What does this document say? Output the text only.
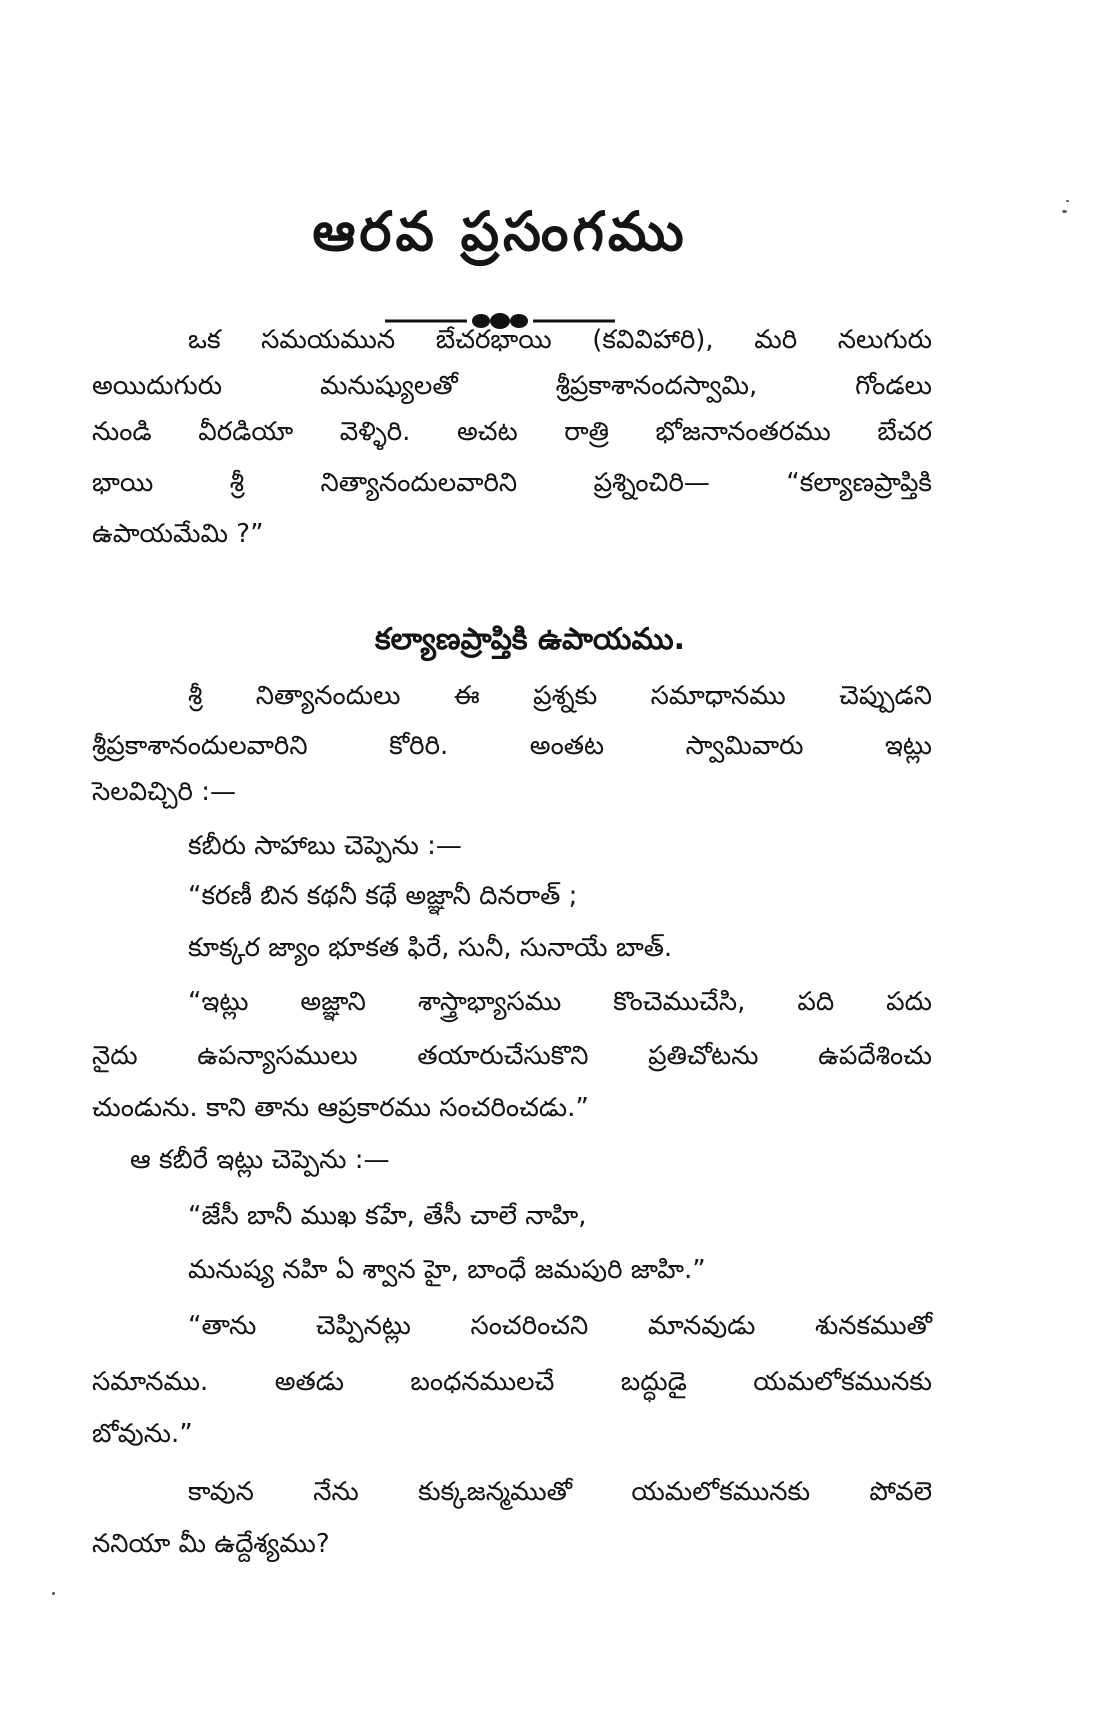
ఆరవ ప్రసంగము

ఒక సమయమున బేచరభాయి (కవివిహారి), మరి నలుగురు

అయిదుగురు మనుష్యులతో శ్రీప్రకాశానందస్వామి, గోండలు

నుండి వీరడియా వెళ్ళిరి. అచట రాత్రి భోజనానంతరము బేచర

భాయి శ్రీ నిత్యానందులవారిని ప్రశ్నించిరి— “కల్యాణప్రాప్తికి

ఉపాయమేమి ?”

కల్యాణప్రాప్తికి ఉపాయము.

శ్రీ నిత్యానందులు ఈ ప్రశ్నకు సమాధానము చెప్పుడని

శ్రీప్రకాశానందులవారిని కోరిరి. అంతట స్వామివారు ఇట్లు

సెలవిచ్చిరి :—

కబీరు సాహాబు చెప్పెను :—

“కరణీ బిన కథనీ కథే అజ్ఞానీ దినరాత్ ;

కూక్కర జ్యాం భూకత ఫిరే, సునీ, సునాయే బాత్.

“ఇట్లు అజ్ఞాని శాస్త్రాభ్యాసము కొంచెముచేసి, పది పదు

నైదు ఉపన్యాసములు తయారుచేసుకొని ప్రతిచోటను ఉపదేశించు

చుండును. కాని తాను ఆప్రకారము సంచరించడు.”

ఆ కబీరే ఇట్లు చెప్పెను :—

“జేసీ బానీ ముఖ కహే, తేసీ చాలే నాహి,

మనుష్య నహి ఏ శ్వాన హై, బాంధే జమపురి జాహి.”

“తాను చెప్పినట్లు సంచరించని మానవుడు శునకముతో

సమానము. అతడు బంధనములచే బద్ధుడై యమలోకమునకు

బోవును.”

కావున నేను కుక్కజన్మముతో యమలోకమునకు పోవలె

ననియా మీ ఉద్దేశ్యము?
